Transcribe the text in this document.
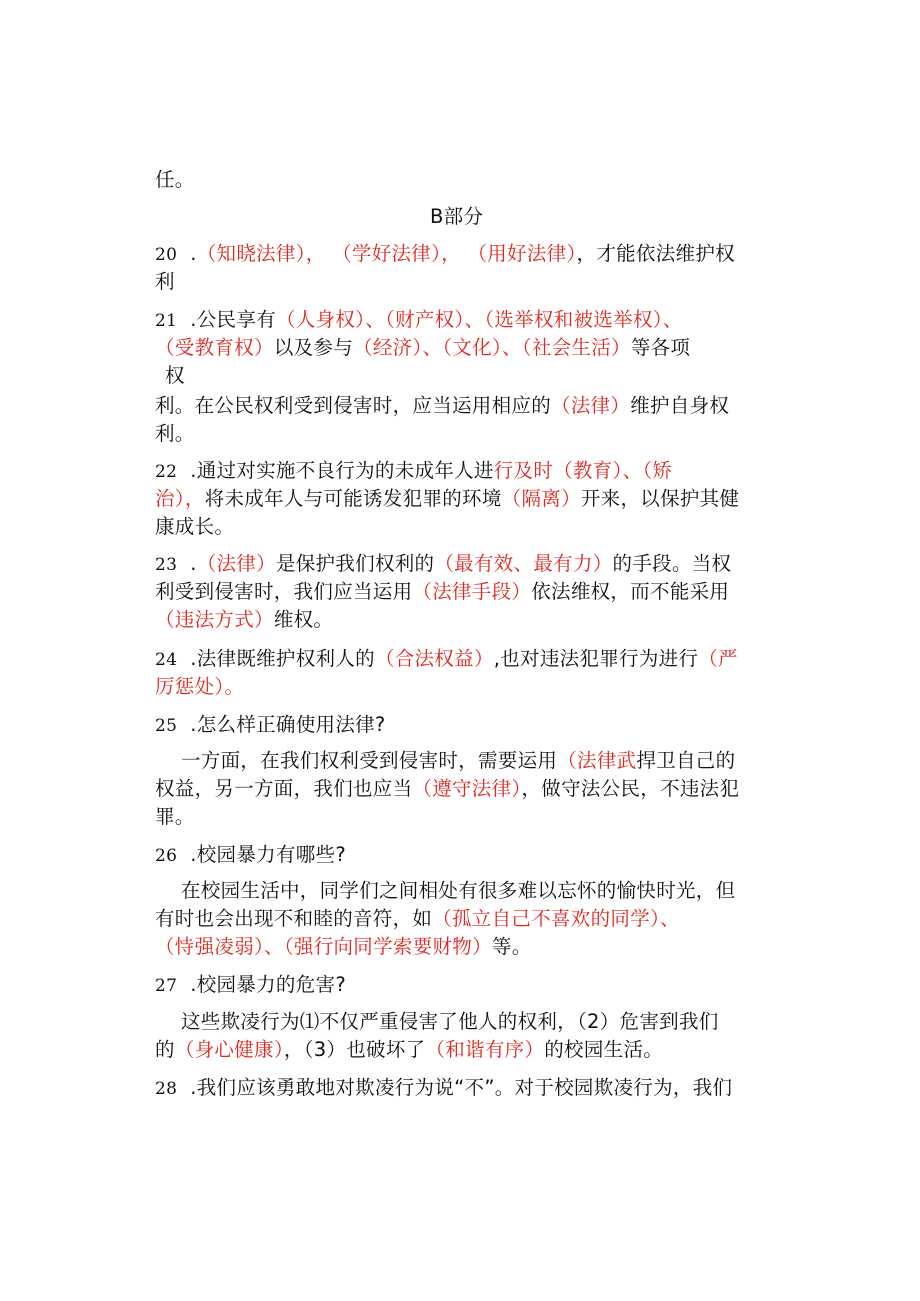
任。
B部分
20  .（知晓法律）， （学好法律）， （用好法律），才能依法维护权
利
21  .公民享有（人身权）、（财产权）、（选举权和被选举权）、
（受教育权）以及参与（经济）、（文化）、（社会生活）等各项
权
利。在公民权利受到侵害时，应当运用相应的（法律）维护自身权
利。
22  .通过对实施不良行为的未成年人进行及时（教育）、（矫
治），将未成年人与可能诱发犯罪的环境（隔离）开来，以保护其健
康成长。
23  .（法律）是保护我们权利的（最有效、最有力）的手段。当权
利受到侵害时，我们应当运用（法律手段）依法维权，而不能采用
（违法方式）维权。
24  .法律既维护权利人的（合法权益）,也对违法犯罪行为进行（严
厉惩处）。
25  .怎么样正确使用法律?
一方面，在我们权利受到侵害时，需要运用（法律武捍卫自己的
权益，另一方面，我们也应当（遵守法律），做守法公民，不违法犯
罪。
26  .校园暴力有哪些?
在校园生活中，同学们之间相处有很多难以忘怀的愉快时光，但
有时也会出现不和睦的音符，如（孤立自己不喜欢的同学）、
（恃强凌弱）、（强行向同学索要财物）等。
27  .校园暴力的危害?
这些欺凌行为⑴不仅严重侵害了他人的权利，（2）危害到我们
的（身心健康），（3）也破坏了（和谐有序）的校园生活。
28  .我们应该勇敢地对欺凌行为说“不”。对于校园欺凌行为，我们
